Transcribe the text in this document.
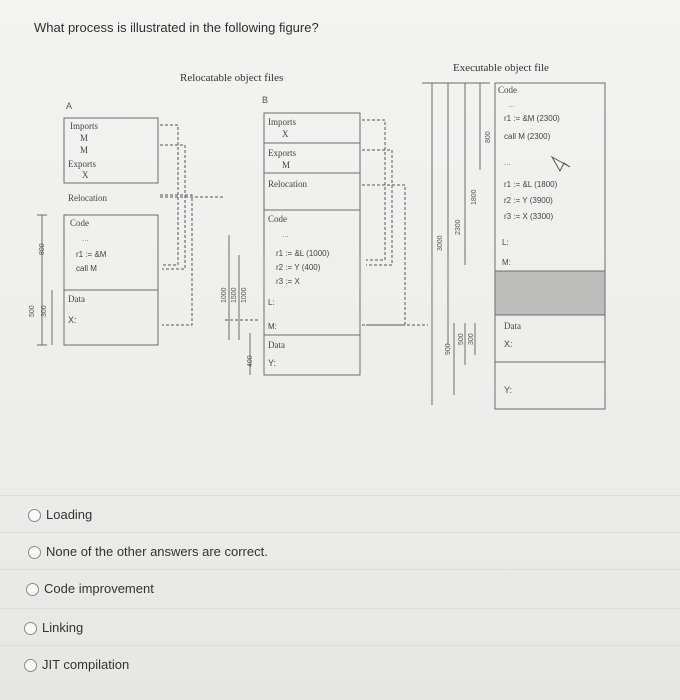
What process is illustrated in the following figure?
Relocatable object files
Executable object file
A
Imports
M
M
Exports
X
Relocation
Code
...
r1 := &M
call M
Data
X:
800
500 300
B
Imports
X
Exports
M
Relocation
Code
...
r1 := &L (1000)
r2 := Y (400)
r3 := X
L:
M:
Data
Y:
1000 1500 1000
400
Code
...
r1 := &M (2300)
call M (2300)
...
r1 := &L (1800)
r2 := Y (3900)
r3 := X (3300)
L:
M:
Data
X:
Y:
3000
2300
1800
800
900
500 300
Loading
None of the other answers are correct.
Code improvement
Linking
JIT compilation
